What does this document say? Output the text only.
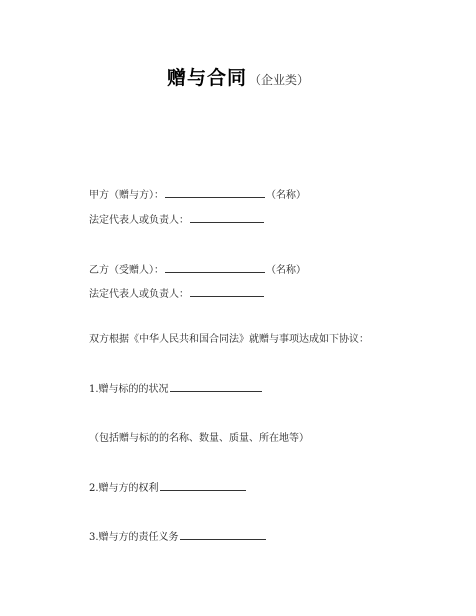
赠与合同 （企业类）
甲方（赠与方）：	（名称）
法定代表人或负责人：
乙方（受赠人）：	（名称）
法定代表人或负责人：
双方根据《中华人民共和国合同法》就赠与事项达成如下协议：
1.赠与标的的状况
（包括赠与标的的名称、数量、质量、所在地等）
2.赠与方的权利
3.赠与方的责任义务
